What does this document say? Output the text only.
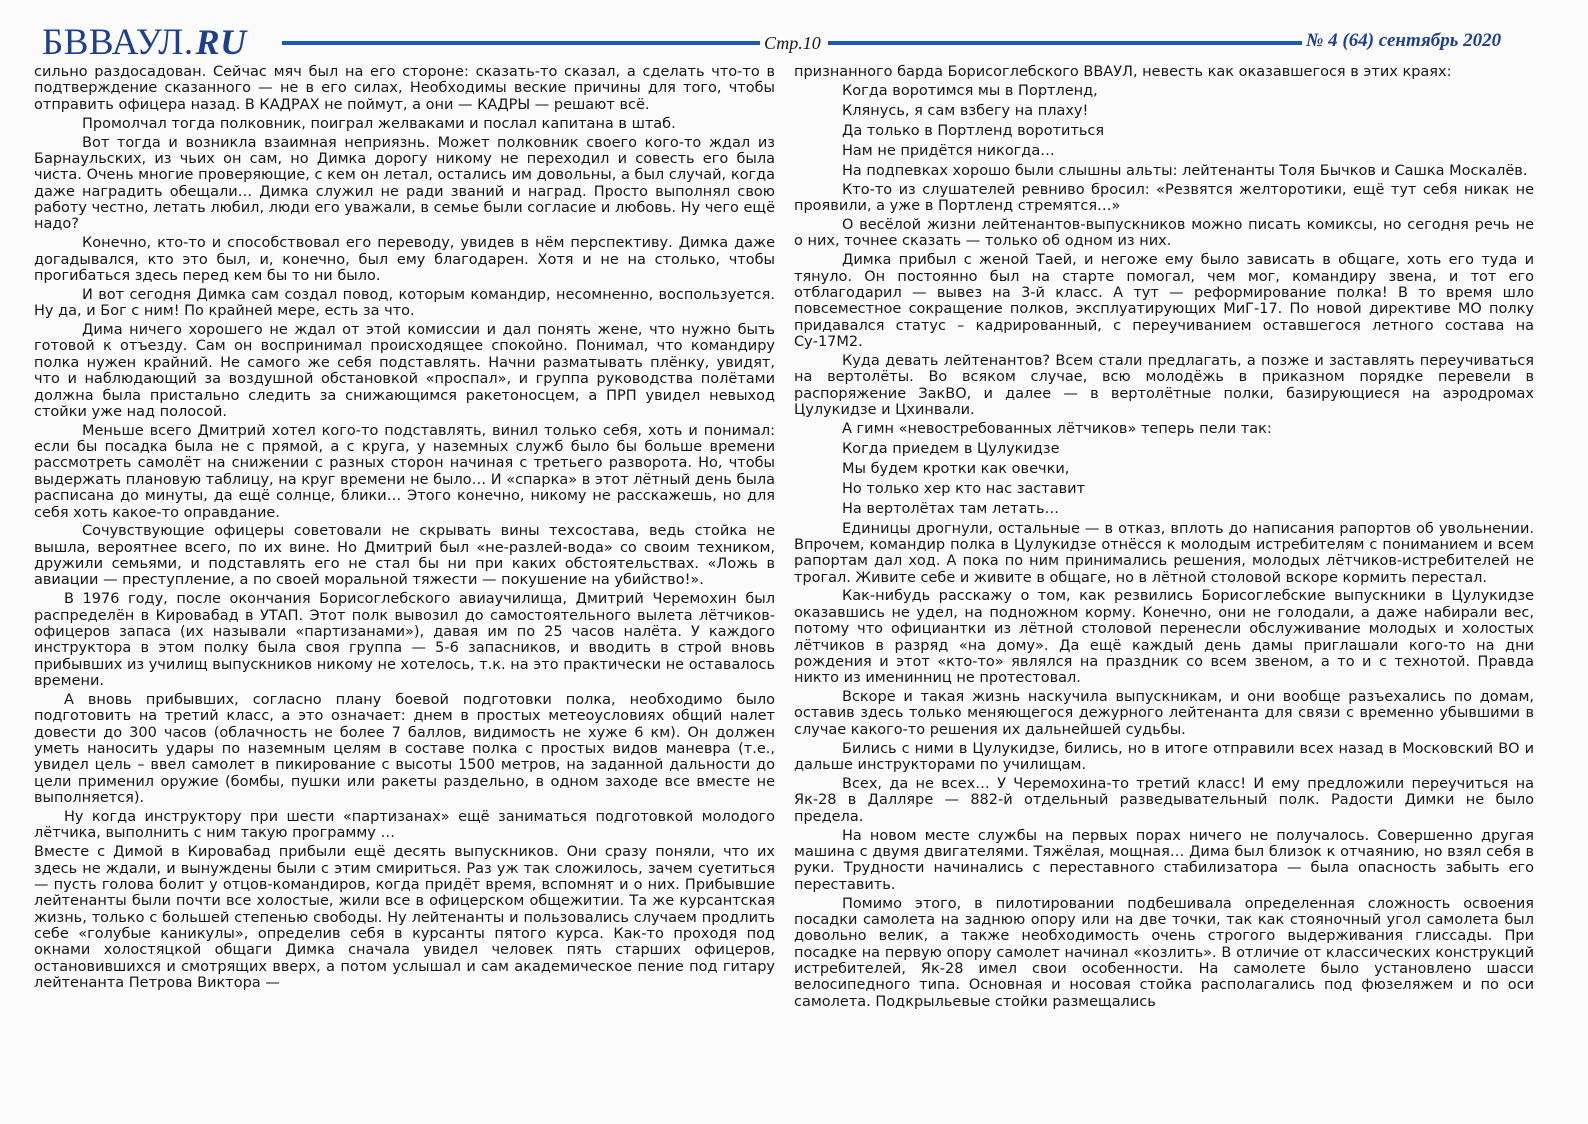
БВВАУЛ.RU	Стр.10	№ 4 (64) сентябрь 2020

сильно раздосадован. Сейчас мяч был на его стороне: сказать-то сказал, а сделать что-то в подтверждение сказанного — не в его силах, Необходимы веские причины для того, чтобы отправить офицера назад. В КАДРАХ не поймут, а они — КАДРЫ — решают всё.

Промолчал тогда полковник, поиграл желваками и послал капитана в штаб.

Вот тогда и возникла взаимная неприязнь. Может полковник своего кого-то ждал из Барнаульских, из чьих он сам, но Димка дорогу никому не переходил и совесть его была чиста. Очень многие проверяющие, с кем он летал, остались им довольны, а был случай, когда даже наградить обещали… Димка служил не ради званий и наград. Просто выполнял свою работу честно, летать любил, люди его уважали, в семье были согласие и любовь. Ну чего ещё надо?

Конечно, кто-то и способствовал его переводу, увидев в нём перспективу. Димка даже догадывался, кто это был, и, конечно, был ему благодарен. Хотя и не на столько, чтобы прогибаться здесь перед кем бы то ни было.

И вот сегодня Димка сам создал повод, которым командир, несомненно, воспользуется. Ну да, и Бог с ним! По крайней мере, есть за что.

Дима ничего хорошего не ждал от этой комиссии и дал понять жене, что нужно быть готовой к отъезду. Сам он воспринимал происходящее спокойно. Понимал, что командиру полка нужен крайний. Не самого же себя подставлять. Начни разматывать плёнку, увидят, что и наблюдающий за воздушной обстановкой «проспал», и группа руководства полётами должна была пристально следить за снижающимся ракетоносцем, а ПРП увидел невыход стойки уже над полосой.

Меньше всего Дмитрий хотел кого-то подставлять, винил только себя, хоть и понимал: если бы посадка была не с прямой, а с круга, у наземных служб было бы больше времени рассмотреть самолёт на снижении с разных сторон начиная с третьего разворота. Но, чтобы выдержать плановую таблицу, на круг времени не было… И «спарка» в этот лётный день была расписана до минуты, да ещё солнце, блики… Этого конечно, никому не расскажешь, но для себя хоть какое-то оправдание.

Сочувствующие офицеры советовали не скрывать вины техсостава, ведь стойка не вышла, вероятнее всего, по их вине. Но Дмитрий был «не-разлей-вода» со своим техником, дружили семьями, и подставлять его не стал бы ни при каких обстоятельствах. «Ложь в авиации — преступление, а по своей моральной тяжести — покушение на убийство!».

В 1976 году, после окончания Борисоглебского авиаучилища, Дмитрий Черемохин был распределён в Кировабад в УТАП. Этот полк вывозил до самостоятельного вылета лётчиков-офицеров запаса (их называли «партизанами»), давая им по 25 часов налёта. У каждого инструктора в этом полку была своя группа — 5-6 запасников, и вводить в строй вновь прибывших из училищ выпускников никому не хотелось, т.к. на это практически не оставалось времени.

А вновь прибывших, согласно плану боевой подготовки полка, необходимо было подготовить на третий класс, а это означает: днем в простых метеоусловиях общий налет довести до 300 часов (облачность не более 7 баллов, видимость не хуже 6 км). Он должен уметь наносить удары по наземным целям в составе полка с простых видов маневра (т.е., увидел цель – ввел самолет в пикирование с высоты 1500 метров, на заданной дальности до цели применил оружие (бомбы, пушки или ракеты раздельно, в одном заходе все вместе не выполняется).

Ну когда инструктору при шести «партизанах» ещё заниматься подготовкой молодого лётчика, выполнить с ним такую программу …

Вместе с Димой в Кировабад прибыли ещё десять выпускников. Они сразу поняли, что их здесь не ждали, и вынуждены были с этим смириться. Раз уж так сложилось, зачем суетиться — пусть голова болит у отцов-командиров, когда придёт время, вспомнят и о них. Прибывшие лейтенанты были почти все холостые, жили все в офицерском общежитии. Та же курсантская жизнь, только с большей степенью свободы. Ну лейтенанты и пользовались случаем продлить себе «голубые каникулы», определив себя в курсанты пятого курса. Как-то проходя под окнами холостяцкой общаги Димка сначала увидел человек пять старших офицеров, остановившихся и смотрящих вверх, а потом услышал и сам академическое пение под гитару лейтенанта Петрова Виктора —

признанного барда Борисоглебского ВВАУЛ, невесть как оказавшегося в этих краях:

Когда воротимся мы в Портленд,

Клянусь, я сам взбегу на плаху!

Да только в Портленд воротиться

Нам не придётся никогда…

На подпевках хорошо были слышны альты: лейтенанты Толя Бычков и Сашка Москалёв.

Кто-то из слушателей ревниво бросил: «Резвятся желторотики, ещё тут себя никак не проявили, а уже в Портленд стремятся…»

О весёлой жизни лейтенантов-выпускников можно писать комиксы, но сегодня речь не о них, точнее сказать — только об одном из них.

Димка прибыл с женой Таей, и негоже ему было зависать в общаге, хоть его туда и тянуло. Он постоянно был на старте помогал, чем мог, командиру звена, и тот его отблагодарил — вывез на 3-й класс. А тут — реформирование полка! В то время шло повсеместное сокращение полков, эксплуатирующих МиГ-17. По новой директиве МО полку придавался статус – кадрированный, с переучиванием оставшегося летного состава на Су-17М2.

Куда девать лейтенантов? Всем стали предлагать, а позже и заставлять переучиваться на вертолёты. Во всяком случае, всю молодёжь в приказном порядке перевели в распоряжение ЗакВО, и далее — в вертолётные полки, базирующиеся на аэродромах Цулукидзе и Цхинвали.

А гимн «невостребованных лётчиков» теперь пели так:

Когда приедем в Цулукидзе

Мы будем кротки как овечки,

Но только хер кто нас заставит

На вертолётах там летать…

Единицы дрогнули, остальные — в отказ, вплоть до написания рапортов об увольнении. Впрочем, командир полка в Цулукидзе отнёсся к молодым истребителям с пониманием и всем рапортам дал ход. А пока по ним принимались решения, молодых лётчиков-истребителей не трогал. Живите себе и живите в общаге, но в лётной столовой вскоре кормить перестал.

Как-нибудь расскажу о том, как резвились Борисоглебские выпускники в Цулукидзе оказавшись не удел, на подножном корму. Конечно, они не голодали, а даже набирали вес, потому что официантки из лётной столовой перенесли обслуживание молодых и холостых лётчиков в разряд «на дому». Да ещё каждый день дамы приглашали кого-то на дни рождения и этот «кто-то» являлся на праздник со всем звеном, а то и с технотой. Правда никто из именинниц не протестовал.

Вскоре и такая жизнь наскучила выпускникам, и они вообще разъехались по домам, оставив здесь только меняющегося дежурного лейтенанта для связи с временно убывшими в случае какого-то решения их дальнейшей судьбы.

Бились с ними в Цулукидзе, бились, но в итоге отправили всех назад в Московский ВО и дальше инструкторами по училищам.

Всех, да не всех… У Черемохина-то третий класс! И ему предложили переучиться на Як-28 в Далляре — 882-й отдельный разведывательный полк. Радости Димки не было предела.

На новом месте службы на первых порах ничего не получалось. Совершенно другая машина с двумя двигателями. Тяжёлая, мощная… Дима был близок к отчаянию, но взял себя в руки. Трудности начинались с переставного стабилизатора — была опасность забыть его переставить.

Помимо этого, в пилотировании подбешивала определенная сложность освоения посадки самолета на заднюю опору или на две точки, так как стояночный угол самолета был довольно велик, а также необходимость очень строгого выдерживания глиссады. При посадке на первую опору самолет начинал «козлить». В отличие от классических конструкций истребителей, Як-28 имел свои особенности. На самолете было установлено шасси велосипедного типа. Основная и носовая стойка располагались под фюзеляжем и по оси самолета. Подкрыльевые стойки размещались
